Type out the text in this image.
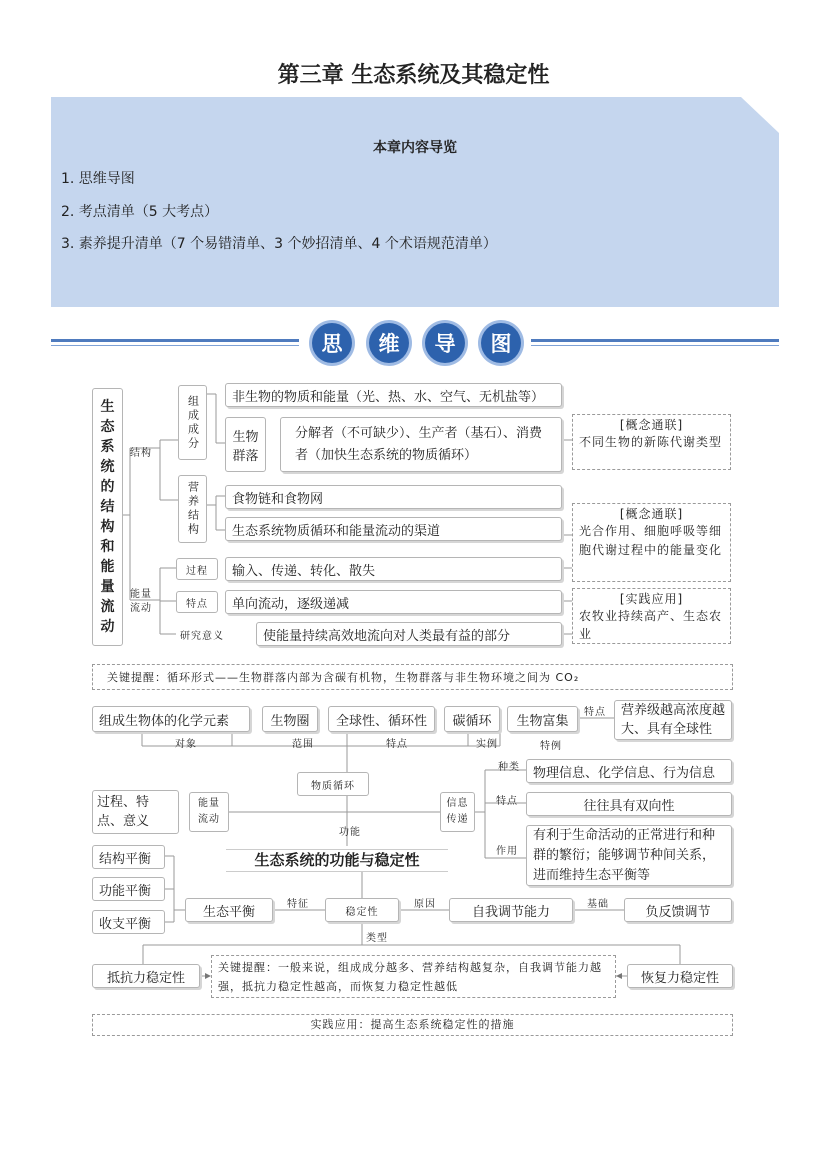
第三章 生态系统及其稳定性
本章内容导览
1. 思维导图
2. 考点清单（5 大考点）
3. 素养提升清单（7 个易错清单、3 个妙招清单、4 个术语规范清单）
思	维	导	图
生态系统的结构和能量流动
结构
组成成分	非生物的物质和能量（光、热、水、空气、无机盐等）
生物群落
分解者（不可缺少）、生产者（基石）、消费者（加快生态系统的物质循环）
[概念通联]
不同生物的新陈代谢类型
营养结构	食物链和食物网
生态系统物质循环和能量流动的渠道
[概念通联]
光合作用、细胞呼吸等细胞代谢过程中的能量变化
能量流动
过程	输入、传递、转化、散失
特点	单向流动，逐级递减
研究意义	使能量持续高效地流向对人类最有益的部分
[实践应用]
农牧业持续高产、生态农业
关键提醒：循环形式——生物群落内部为含碳有机物，生物群落与非生物环境之间为 CO₂
组成生物体的化学元素	生物圈	全球性、循环性	碳循环	生物富集
特点	营养级越高浓度越大、具有全球性
对象	范围	特点	实例	特例
物质循环
过程、特点、意义
能量流动
功能
信息传递
种类	物理信息、化学信息、行为信息
特点	往往具有双向性
作用
有利于生命活动的正常进行和种群的繁衍；能够调节种间关系，进而维持生态平衡等
生态系统的功能与稳定性
结构平衡
功能平衡
收支平衡
生态平衡	特征
稳定性
原因	自我调节能力	基础	负反馈调节
类型
抵抗力稳定性
关键提醒：一般来说，组成成分越多、营养结构越复杂，自我调节能力越强，抵抗力稳定性越高，而恢复力稳定性越低
恢复力稳定性
实践应用：提高生态系统稳定性的措施
